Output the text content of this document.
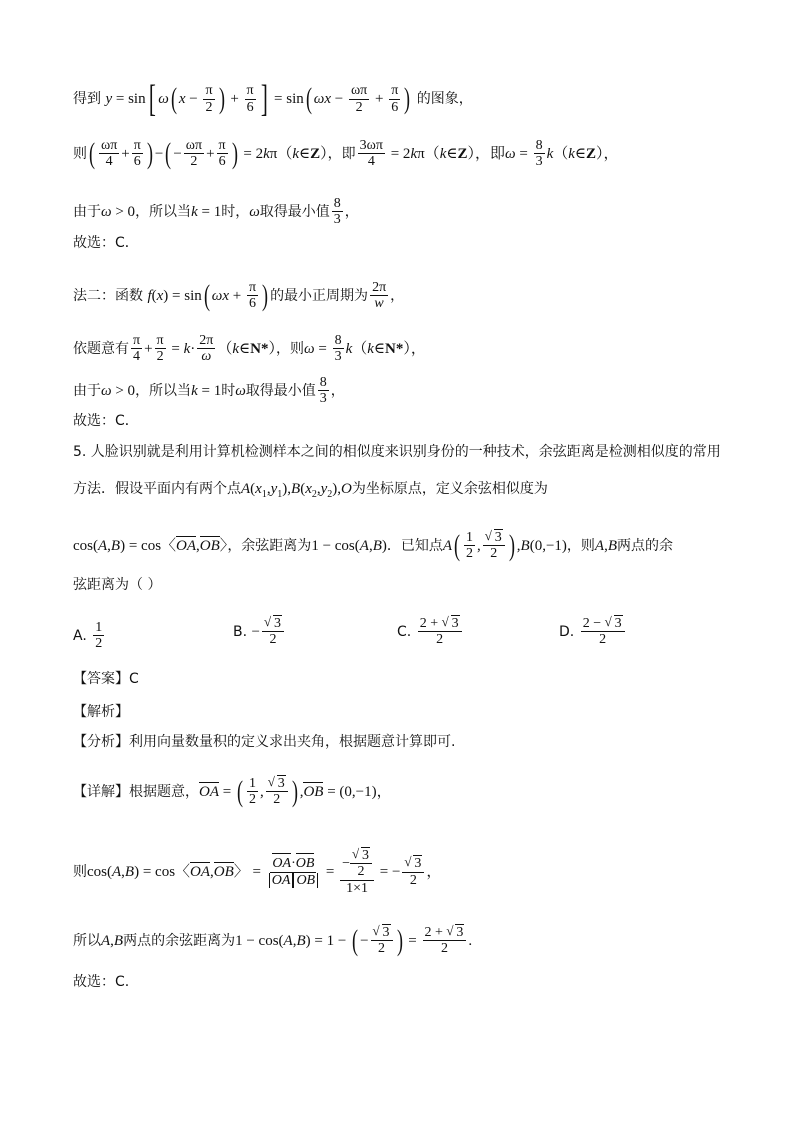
得到 y = sin[ ω( $x - \frac{\pi}{2}$ ) + $\frac{\pi}{6}$ ] = sin( $\omega x - \frac{\omega\pi}{2} + \frac{\pi}{6}$ ) 的图象，
则( $\frac{\omega\pi}{4} + \frac{\pi}{6}$ ) −( − $\frac{\omega\pi}{2} + \frac{\pi}{6}$ ) = 2kπ（k∈Z），即 $\frac{3\omega\pi}{4}$ = 2kπ（k∈Z），即$\omega = \frac{8}{3}$ k（k∈Z），
由于ω > 0，所以当k = 1时，ω取得最小值 $\frac{8}{3}$ ，
故选：C．
法二：函数 f(x) = sin( $\omega x + \frac{\pi}{6}$ ) 的最小正周期为 $\frac{2\pi}{w}$ ，
依题意有 $\frac{\pi}{4} + \frac{\pi}{2} = k\cdot \frac{2\pi}{\omega}$ （k∈N*），则$\omega = \frac{8}{3}$ k（k∈N*），
由于ω > 0，所以当k = 1时ω取得最小值 $\frac{8}{3}$ ，
故选：C．
5. 人脸识别就是利用计算机检测样本之间的相似度来识别身份的一种技术，余弦距离是检测相似度的常用
方法．假设平面内有两个点$A(x_1,y_1),B(x_2,y_2),O$为坐标原点，定义余弦相似度为
cos(A,B) = cos〈OA,OB〉，余弦距离为1 − cos(A,B)．已知点$A( \frac{1}{2}$ ,
√ $\frac{3}{2}$ ) ,B(0,−1)，则A,B两点的余
弦距离为（ ）
A. $\frac{1}{2}$	B. −
√ $\frac{3}{2}$	C. $\frac{2 + √ 3}{2}$	D. $\frac{2 - √ 3}{2}$
【答案】C
【解析】
【分析】利用向量数量积的定义求出夹角，根据题意计算即可.
【详解】根据题意，OA = ( $\frac{1}{2}$ ,
√ $\frac{3}{2}$ ) ,OB = (0,−1)，
则cos(A,B) = cos〈OA,OB〉 =
OA·OB
OA OB = −
√ $\frac{3}{2}$
1×1 = −
√ $\frac{3}{2}$ ，
所以A,B两点的余弦距离为1 − cos(A,B) = 1 − ( −
√ $\frac{3}{2}$ ) = $\frac{2 + √ 3}{2}$ .
故选：C.
